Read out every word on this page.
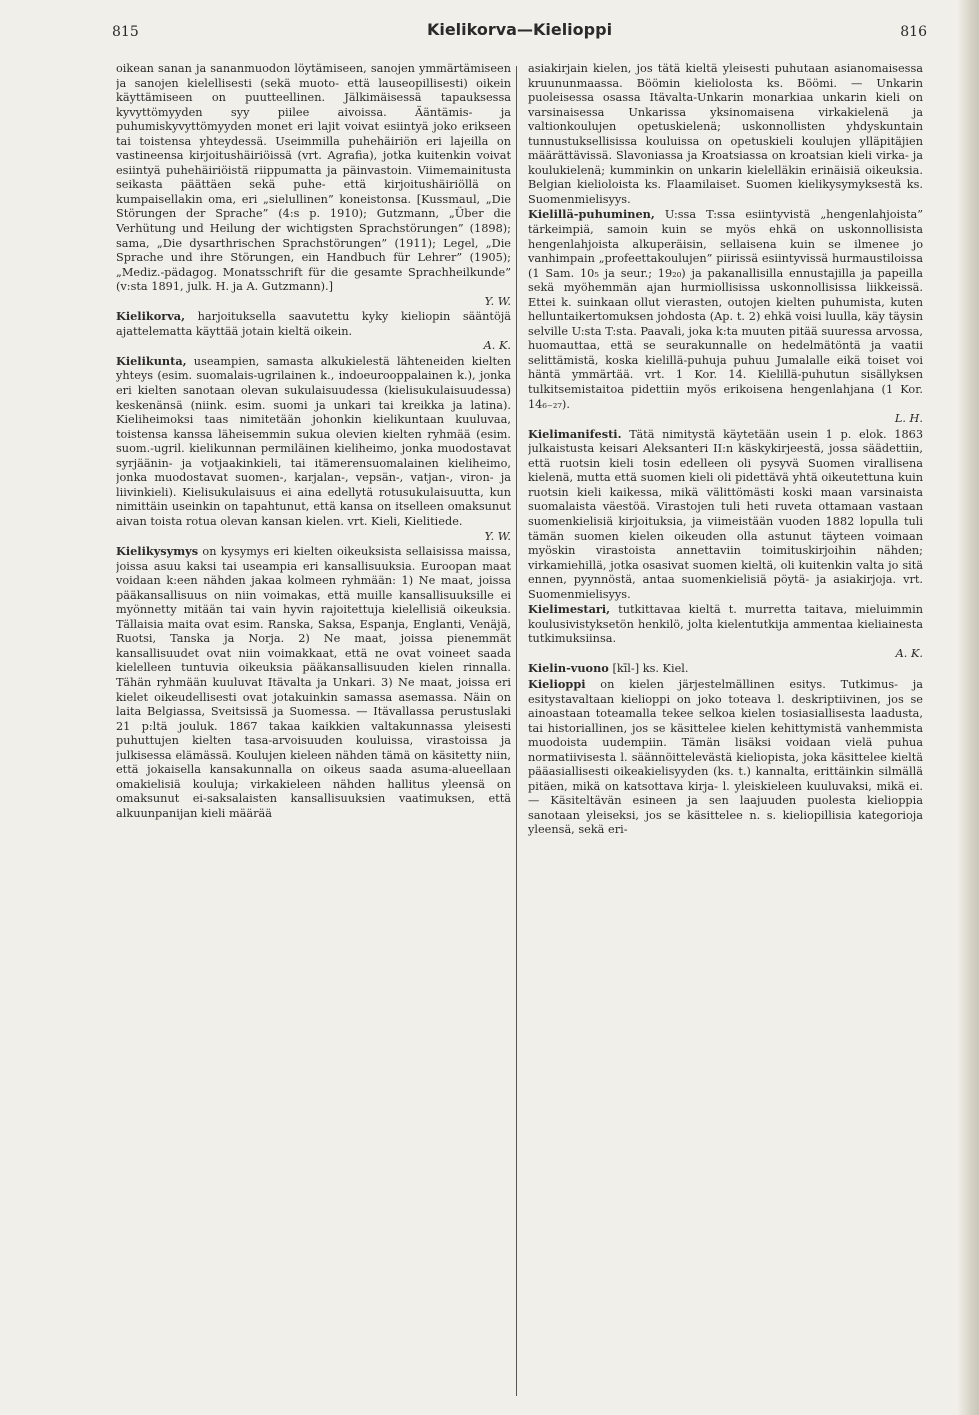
815	Kielikorva—Kielioppi	816

oikean sanan ja sananmuodon löytämiseen, sanojen ymmärtämiseen ja sanojen kielellisesti (sekä muoto- että lauseopillisesti) oikein käyttämiseen on puutteellinen. Jälkimäisessä tapauksessa kyvyttömyyden syy piilee aivoissa. Ääntämis- ja puhumiskyvyttömyyden monet eri lajit voivat esiintyä joko erikseen tai toistensa yhteydessä. Useimmilla puhehäiriön eri lajeilla on vastineensa kirjoitushäiriöissä (vrt. Agrafia), jotka kuitenkin voivat esiintyä puhehäiriöistä riippumatta ja päinvastoin. Viimemainitusta seikasta päättäen sekä puhe- että kirjoitushäiriöllä on kumpaisellakin oma, eri „sielullinen” koneistonsa. [Kussmaul, „Die Störungen der Sprache” (4:s p. 1910); Gutzmann, „Über die Verhütung und Heilung der wichtigsten Sprachstörungen” (1898); sama, „Die dysarthrischen Sprachstörungen” (1911); Legel, „Die Sprache und ihre Störungen, ein Handbuch für Lehrer” (1905); „Mediz.-pädagog. Monatsschrift für die gesamte Sprachheilkunde” (v:sta 1891, julk. H. ja A. Gutzmann).]
Y. W.

Kielikorva, harjoituksella saavutettu kyky kieliopin sääntöjä ajattelematta käyttää jotain kieltä oikein.
A. K.

Kielikunta, useampien, samasta alkukielestä lähteneiden kielten yhteys (esim. suomalais-ugrilainen k., indoeurooppalainen k.), jonka eri kielten sanotaan olevan sukulaisuudessa (kielisukulaisuudessa) keskenänsä (niink. esim. suomi ja unkari tai kreikka ja latina). Kieliheimoksi taas nimitetään johonkin kielikuntaan kuuluvaa, toistensa kanssa läheisemmin sukua olevien kielten ryhmää (esim. suom.-ugril. kielikunnan permiläinen kieliheimo, jonka muodostavat syrjäänin- ja votjaakinkieli, tai itämerensuomalainen kieliheimo, jonka muodostavat suomen-, karjalan-, vepsän-, vatjan-, viron- ja liivinkieli). Kielisukulaisuus ei aina edellytä rotusukulaisuutta, kun nimittäin useinkin on tapahtunut, että kansa on itselleen omaksunut aivan toista rotua olevan kansan kielen. vrt. Kieli, Kielitiede.
Y. W.

Kielikysymys on kysymys eri kielten oikeuksista sellaisissa maissa, joissa asuu kaksi tai useampia eri kansallisuuksia. Euroopan maat voidaan k:een nähden jakaa kolmeen ryhmään: 1) Ne maat, joissa pääkansallisuus on niin voimakas, että muille kansallisuuksille ei myönnetty mitään tai vain hyvin rajoitettuja kielellisiä oikeuksia. Tällaisia maita ovat esim. Ranska, Saksa, Espanja, Englanti, Venäjä, Ruotsi, Tanska ja Norja. 2) Ne maat, joissa pienemmät kansallisuudet ovat niin voimakkaat, että ne ovat voineet saada kielelleen tuntuvia oikeuksia pääkansallisuuden kielen rinnalla. Tähän ryhmään kuuluvat Itävalta ja Unkari. 3) Ne maat, joissa eri kielet oikeudellisesti ovat jotakuinkin samassa asemassa. Näin on laita Belgiassa, Sveitsissä ja Suomessa. — Itävallassa perustuslaki 21 p:ltä jouluk. 1867 takaa kaikkien valtakunnassa yleisesti puhuttujen kielten tasa-arvoisuuden kouluissa, virastoissa ja julkisessa elämässä. Koulujen kieleen nähden tämä on käsitetty niin, että jokaisella kansakunnalla on oikeus saada asuma-alueellaan omakielisiä kouluja; virkakieleen nähden hallitus yleensä on omaksunut ei-saksalaisten kansallisuuksien vaatimuksen, että alkuunpanijan kieli määrää

asiakirjain kielen, jos tätä kieltä yleisesti puhutaan asianomaisessa kruununmaassa. Böömin kieliolosta ks. Böömi. — Unkarin puoleisessa osassa Itävalta-Unkarin monarkiaa unkarin kieli on varsinaisessa Unkarissa yksinomaisena virkakielenä ja valtionkoulujen opetuskielenä; uskonnollisten yhdyskuntain tunnustuksellisissa kouluissa on opetuskieli koulujen ylläpitäjien määrättävissä. Slavoniassa ja Kroatsiassa on kroatsian kieli virka- ja koulukielenä; kumminkin on unkarin kielelläkin erinäisiä oikeuksia. Belgian kielioloista ks. Flaamilaiset. Suomen kielikysymyksestä ks. Suomenmielisyys.

Kielillä-puhuminen, U:ssa T:ssa esiintyvistä „hengenlahjoista” tärkeimpiä, samoin kuin se myös ehkä on uskonnollisista hengenlahjoista alkuperäisin, sellaisena kuin se ilmenee jo vanhimpain „profeettakoulujen” piirissä esiintyvissä hurmaustiloissa (1 Sam. 10₅ ja seur.; 19₂₀) ja pakanallisilla ennustajilla ja papeilla sekä myöhemmän ajan hurmiollisissa uskonnollisissa liikkeissä. Ettei k. suinkaan ollut vierasten, outojen kielten puhumista, kuten helluntaikertomuksen johdosta (Ap. t. 2) ehkä voisi luulla, käy täysin selville U:sta T:sta. Paavali, joka k:ta muuten pitää suuressa arvossa, huomauttaa, että se seurakunnalle on hedelmätöntä ja vaatii selittämistä, koska kielillä-puhuja puhuu Jumalalle eikä toiset voi häntä ymmärtää. vrt. 1 Kor. 14. Kielillä-puhutun sisällyksen tulkitsemistaitoa pidettiin myös erikoisena hengenlahjana (1 Kor. 14₆₋₂₇).
L. H.

Kielimanifesti. Tätä nimitystä käytetään usein 1 p. elok. 1863 julkaistusta keisari Aleksanteri II:n käskykirjeestä, jossa säädettiin, että ruotsin kieli tosin edelleen oli pysyvä Suomen virallisena kielenä, mutta että suomen kieli oli pidettävä yhtä oikeutettuna kuin ruotsin kieli kaikessa, mikä välittömästi koski maan varsinaista suomalaista väestöä. Virastojen tuli heti ruveta ottamaan vastaan suomenkielisiä kirjoituksia, ja viimeistään vuoden 1882 lopulla tuli tämän suomen kielen oikeuden olla astunut täyteen voimaan myöskin virastoista annettaviin toimituskirjoihin nähden; virkamiehillä, jotka osasivat suomen kieltä, oli kuitenkin valta jo sitä ennen, pyynnöstä, antaa suomenkielisiä pöytä- ja asiakirjoja. vrt. Suomenmielisyys.

Kielimestari, tutkittavaa kieltä t. murretta taitava, mieluimmin koulusivistyksetön henkilö, jolta kielentutkija ammentaa kieliainesta tutkimuksiinsa.
A. K.

Kielin-vuono [kīl-] ks. Kiel.

Kielioppi on kielen järjestelmällinen esitys. Tutkimus- ja esitystavaltaan kielioppi on joko toteava l. deskriptiivinen, jos se ainoastaan toteamalla tekee selkoa kielen tosiasiallisesta laadusta, tai historiallinen, jos se käsittelee kielen kehittymistä vanhemmista muodoista uudempiin. Tämän lisäksi voidaan vielä puhua normatiivisesta l. säännöittelevästä kieliopista, joka käsittelee kieltä pääasiallisesti oikeakielisyyden (ks. t.) kannalta, erittäinkin silmällä pitäen, mikä on katsottava kirja- l. yleiskieleen kuuluvaksi, mikä ei. — Käsiteltävän esineen ja sen laajuuden puolesta kielioppia sanotaan yleiseksi, jos se käsittelee n. s. kieliopillisia kategorioja yleensä, sekä eri-
